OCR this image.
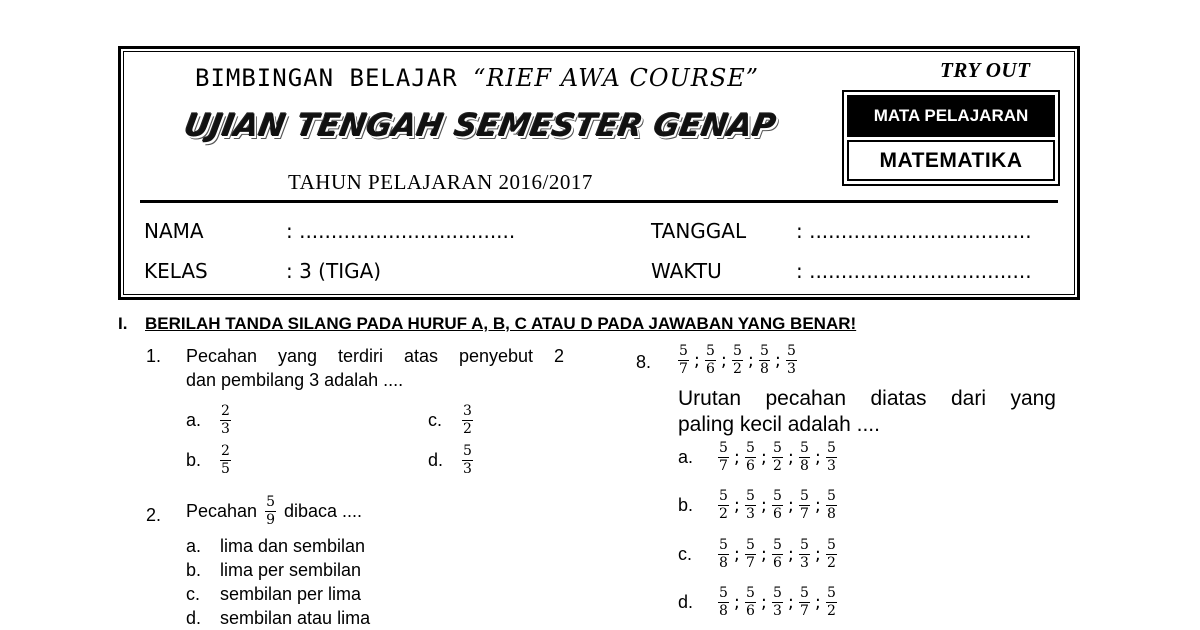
BIMBINGAN BELAJAR “RIEF AWA COURSE”
UJIAN TENGAH SEMESTER GENAP
TAHUN PELAJARAN 2016/2017
TRY OUT
MATA PELAJARAN
MATEMATIKA
NAMA	: ..................................
KELAS	: 3 (TIGA)
TANGGAL : ...................................
WAKTU	: ...................................
I. BERILAH TANDA SILANG PADA HURUF A, B, C ATAU D PADA JAWABAN YANG BENAR!
1. Pecahan yang terdiri atas penyebut 2
dan pembilang 3 adalah ....
a.	$\frac{2}{3}$
b.	$\frac{2}{5}$
c.	$\frac{3}{2}$
d.	$\frac{5}{3}$
2. Pecahan $\frac{5}{9}$ dibaca ....
a. lima dan sembilan
b. lima per sembilan
c. sembilan per lima
d. sembilan atau lima
8. $\frac{5}{7}$ ; $\frac{5}{6}$ ; $\frac{5}{2}$ ; $\frac{5}{8}$ ; $\frac{5}{3}$
Urutan pecahan diatas dari yang
paling kecil adalah ....
a.	$\frac{5}{7}$ ; $\frac{5}{6}$ ; $\frac{5}{2}$ ; $\frac{5}{8}$ ; $\frac{5}{3}$
b.	$\frac{5}{2}$ ; $\frac{5}{3}$ ; $\frac{5}{6}$ ; $\frac{5}{7}$ ; $\frac{5}{8}$
c.	$\frac{5}{8}$ ; $\frac{5}{7}$ ; $\frac{5}{6}$ ; $\frac{5}{3}$ ; $\frac{5}{2}$
d.	$\frac{5}{8}$ ; $\frac{5}{6}$ ; $\frac{5}{3}$ ; $\frac{5}{7}$ ; $\frac{5}{2}$
